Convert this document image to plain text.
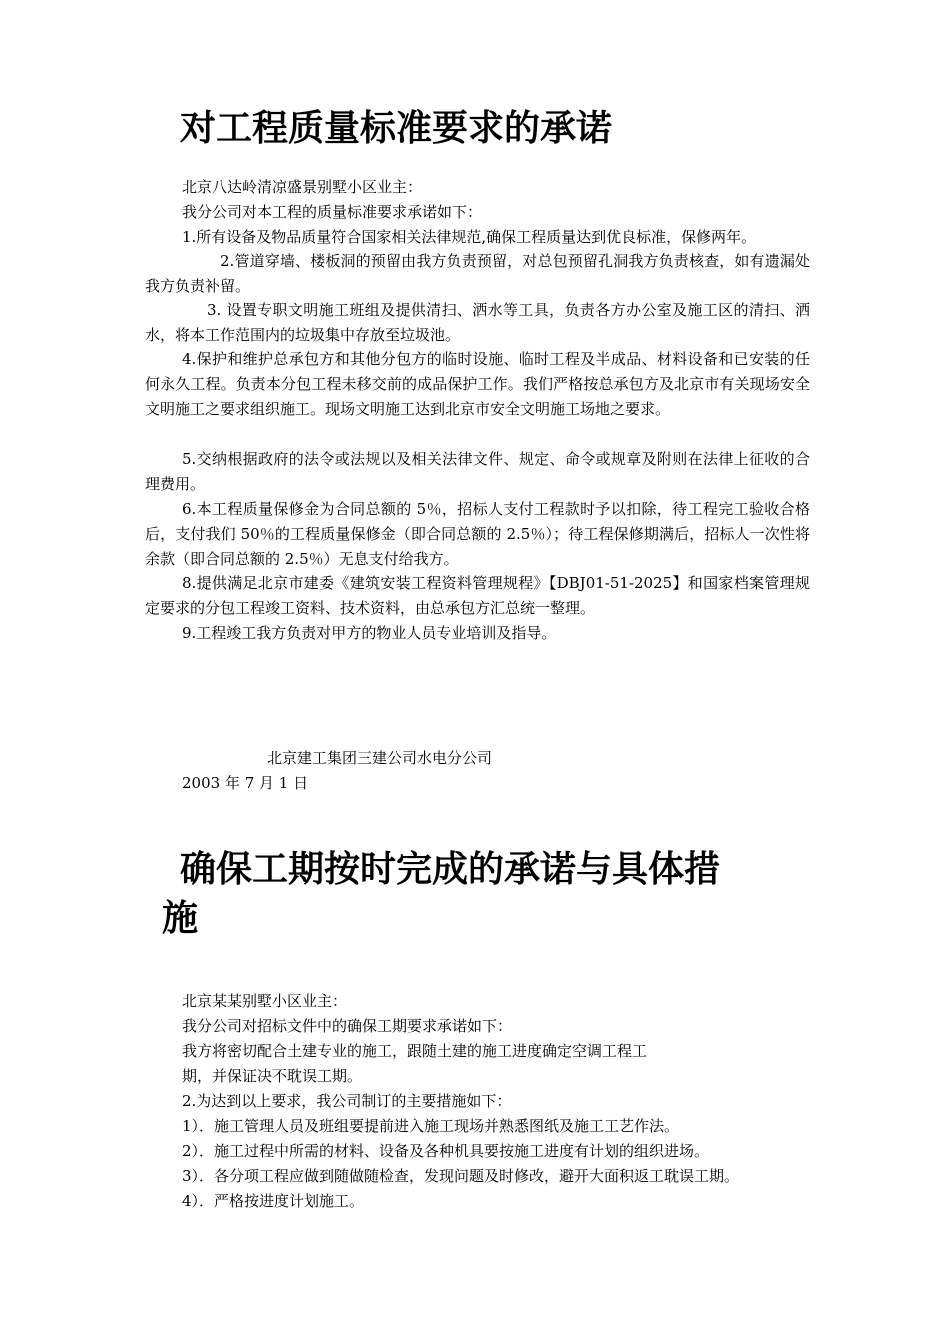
对工程质量标准要求的承诺
北京八达岭清凉盛景别墅小区业主：
我分公司对本工程的质量标准要求承诺如下：
1.所有设备及物品质量符合国家相关法律规范,确保工程质量达到优良标准，保修两年。

2.管道穿墙、楼板洞的预留由我方负责预留，对总包预留孔洞我方负责核查，如有遗漏处我方负责补留。

3. 设置专职文明施工班组及提供清扫、洒水等工具，负责各方办公室及施工区的清扫、洒水，将本工作范围内的垃圾集中存放至垃圾池。

4.保护和维护总承包方和其他分包方的临时设施、临时工程及半成品、材料设备和已安装的任何永久工程。负责本分包工程未移交前的成品保护工作。我们严格按总承包方及北京市有关现场安全文明施工之要求组织施工。现场文明施工达到北京市安全文明施工场地之要求。

5.交纳根据政府的法令或法规以及相关法律文件、规定、命令或规章及附则在法律上征收的合理费用。

6.本工程质量保修金为合同总额的 5％，招标人支付工程款时予以扣除，待工程完工验收合格后，支付我们 50％的工程质量保修金（即合同总额的 2.5％）；待工程保修期满后，招标人一次性将余款（即合同总额的 2.5％）无息支付给我方。

8.提供满足北京市建委《建筑安装工程资料管理规程》【DBJ01-51-2025】和国家档案管理规定要求的分包工程竣工资料、技术资料，由总承包方汇总统一整理。

9.工程竣工我方负责对甲方的物业人员专业培训及指导。
北京建工集团三建公司水电分公司
2003 年 7 月 1 日
确保工期按时完成的承诺与具体措
施
北京某某别墅小区业主：
我分公司对招标文件中的确保工期要求承诺如下：
我方将密切配合土建专业的施工，跟随土建的施工进度确定空调工程工
期，并保证决不耽误工期。
2.为达到以上要求，我公司制订的主要措施如下：
1）．施工管理人员及班组要提前进入施工现场并熟悉图纸及施工工艺作法。
2）．施工过程中所需的材料、设备及各种机具要按施工进度有计划的组织进场。
3）．各分项工程应做到随做随检查，发现问题及时修改，避开大面积返工耽误工期。
4）．严格按进度计划施工。
